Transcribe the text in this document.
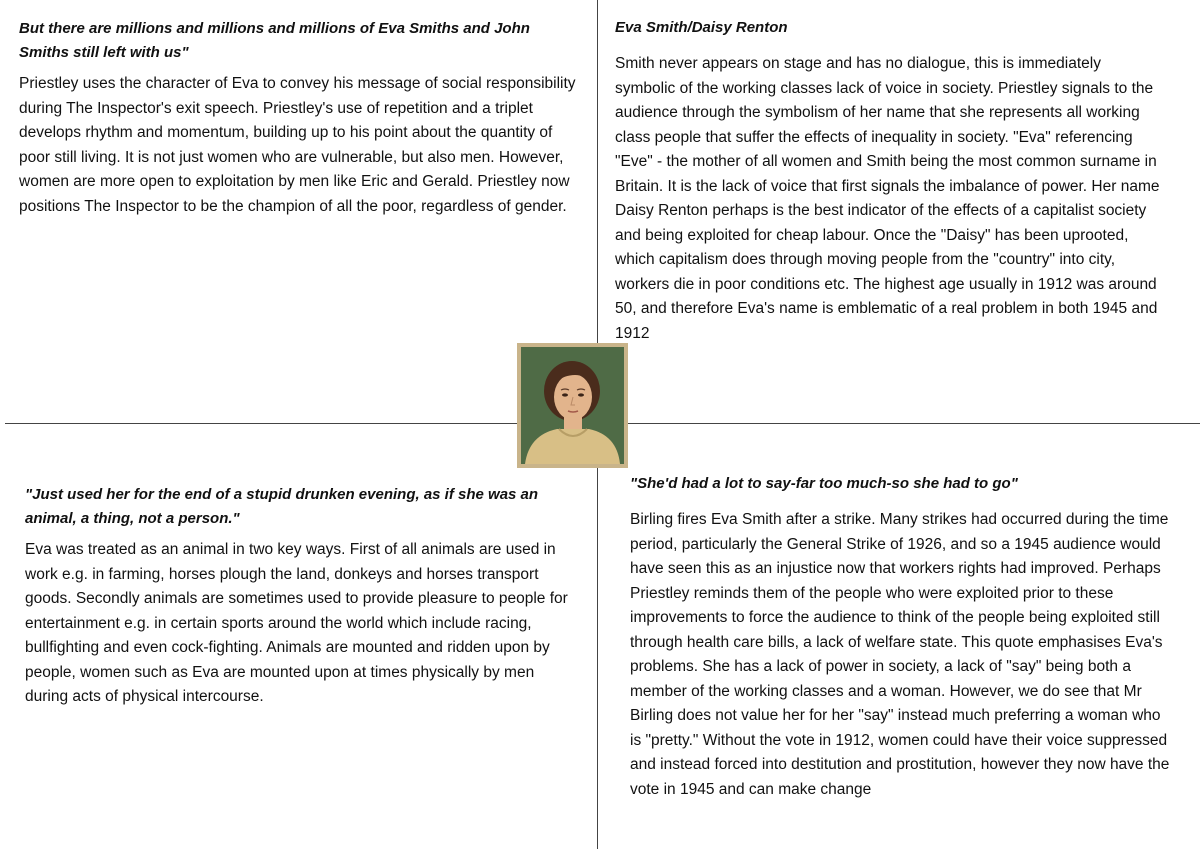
But there are millions and millions and millions of Eva Smiths and John Smiths still left with us"

Priestley uses the character of Eva to convey his message of social responsibility during The Inspector's exit speech. Priestley's use of repetition and a triplet develops rhythm and momentum, building up to his point about the quantity of poor still living. It is not just women who are vulnerable, but also men. However, women are more open to exploitation by men like Eric and Gerald. Priestley now positions The Inspector to be the champion of all the poor, regardless of gender.

Eva Smith/Daisy Renton

Smith never appears on stage and has no dialogue, this is immediately symbolic of the working classes lack of voice in society. Priestley signals to the audience through the symbolism of her name that she represents all working class people that suffer the effects of inequality in society. "Eva" referencing "Eve" - the mother of all women and Smith being the most common surname in Britain. It is the lack of voice that first signals the imbalance of power. Her name Daisy Renton perhaps is the best indicator of the effects of a capitalist society and being exploited for cheap labour. Once the "Daisy" has been uprooted, which capitalism does through moving people from the "country" into city, workers die in poor conditions etc. The highest age usually in 1912 was around 50, and therefore Eva's name is emblematic of a real problem in both 1945 and 1912

"Just used her for the end of a stupid drunken evening, as if she was an animal, a thing, not a person."

Eva was treated as an animal in two key ways. First of all animals are used in work e.g. in farming, horses plough the land, donkeys and horses transport goods. Secondly animals are sometimes used to provide pleasure to people for entertainment e.g. in certain sports around the world which include racing, bullfighting and even cock-fighting. Animals are mounted and ridden upon by people, women such as Eva are mounted upon at times physically by men during acts of physical intercourse.

"She'd had a lot to say-far too much-so she had to go"

Birling fires Eva Smith after a strike. Many strikes had occurred during the time period, particularly the General Strike of 1926, and so a 1945 audience would have seen this as an injustice now that workers rights had improved. Perhaps Priestley reminds them of the people who were exploited prior to these improvements to force the audience to think of the people being exploited still through health care bills, a lack of welfare state. This quote emphasises Eva's problems. She has a lack of power in society, a lack of "say" being both a member of the working classes and a woman. However, we do see that Mr Birling does not value her for her "say" instead much preferring a woman who is "pretty." Without the vote in 1912, women could have their voice suppressed and instead forced into destitution and prostitution, however they now have the vote in 1945 and can make change
